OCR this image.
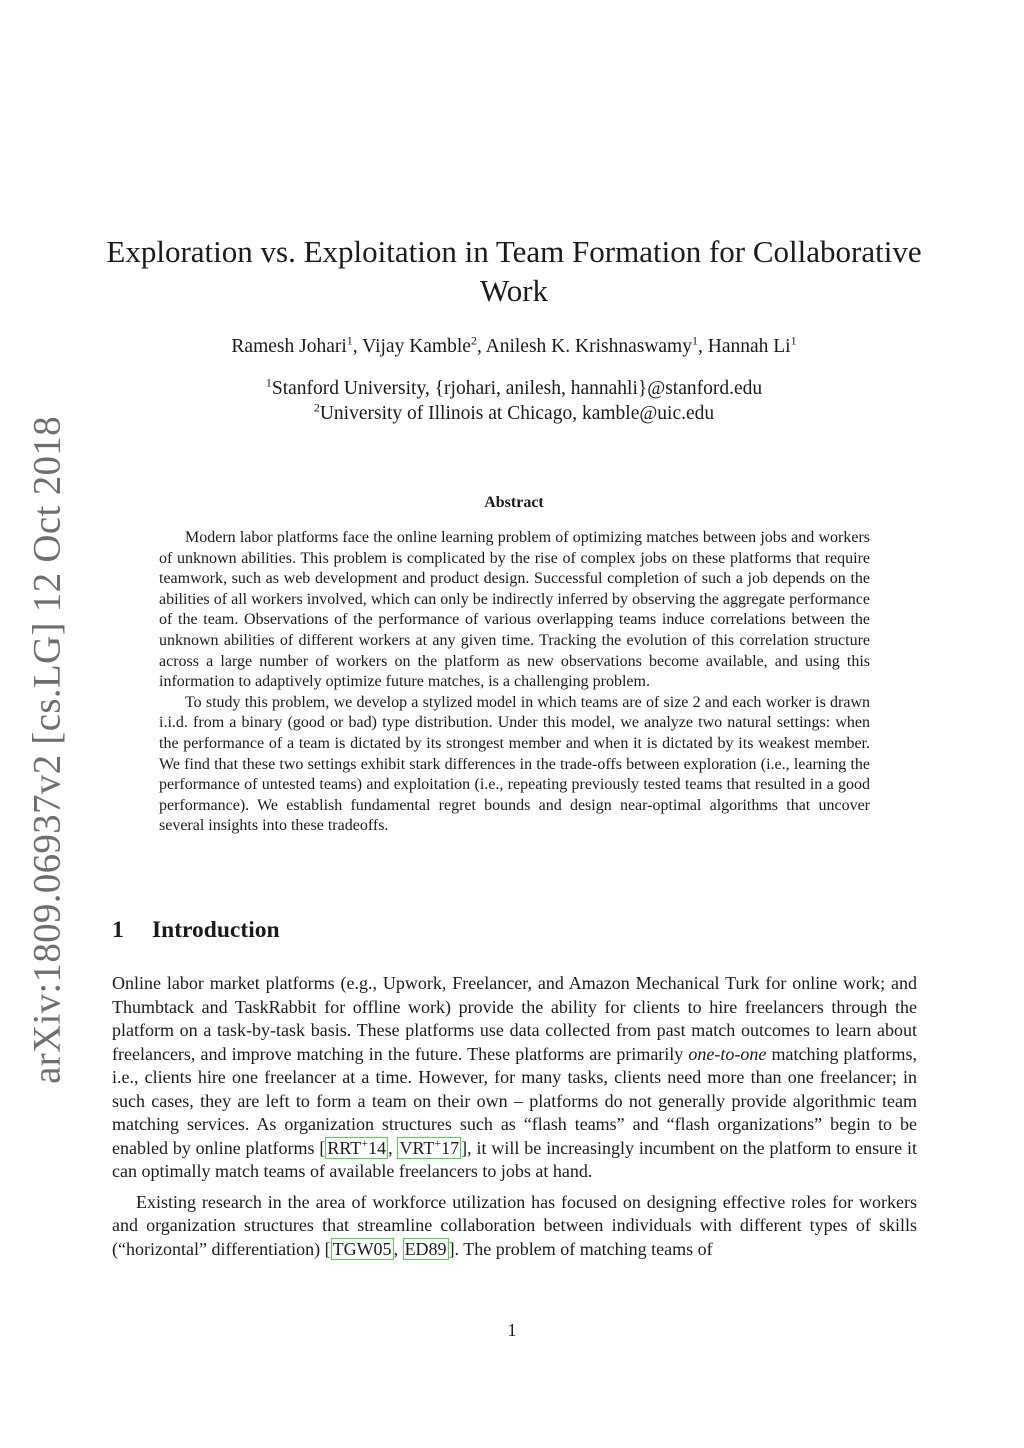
arXiv:1809.06937v2 [cs.LG] 12 Oct 2018
Exploration vs. Exploitation in Team Formation for Collaborative Work
Ramesh Johari$^1$, Vijay Kamble$^2$, Anilesh K. Krishnaswamy$^1$, Hannah Li$^1$
$^1$Stanford University, {rjohari, anilesh, hannahli}@stanford.edu
$^2$University of Illinois at Chicago, kamble@uic.edu
Abstract

Modern labor platforms face the online learning problem of optimizing matches between jobs and workers of unknown abilities. This problem is complicated by the rise of complex jobs on these platforms that require teamwork, such as web development and product design. Successful completion of such a job depends on the abilities of all workers involved, which can only be indirectly inferred by observing the aggregate performance of the team. Observations of the performance of various overlapping teams induce correlations between the unknown abilities of different workers at any given time. Tracking the evolution of this correlation structure across a large number of workers on the platform as new observations become available, and using this information to adaptively optimize future matches, is a challenging problem.

To study this problem, we develop a stylized model in which teams are of size 2 and each worker is drawn i.i.d. from a binary (good or bad) type distribution. Under this model, we analyze two natural settings: when the performance of a team is dictated by its strongest member and when it is dictated by its weakest member. We find that these two settings exhibit stark differences in the trade-offs between exploration (i.e., learning the performance of untested teams) and exploitation (i.e., repeating previously tested teams that resulted in a good performance). We establish fundamental regret bounds and design near-optimal algorithms that uncover several insights into these tradeoffs.

1 Introduction

Online labor market platforms (e.g., Upwork, Freelancer, and Amazon Mechanical Turk for online work; and Thumbtack and TaskRabbit for offline work) provide the ability for clients to hire freelancers through the platform on a task-by-task basis. These platforms use data collected from past match outcomes to learn about freelancers, and improve matching in the future. These platforms are primarily one-to-one matching platforms, i.e., clients hire one freelancer at a time. However, for many tasks, clients need more than one freelancer; in such cases, they are left to form a team on their own – platforms do not generally provide algorithmic team matching services. As organization structures such as “flash teams” and “flash organizations” begin to be enabled by online platforms [ RRT+14 , VRT+17 ], it will be increasingly incumbent on the platform to ensure it can optimally match teams of available freelancers to jobs at hand.

Existing research in the area of workforce utilization has focused on designing effective roles for workers and organization structures that streamline collaboration between individuals with different types of skills (“horizontal” differentiation) [ TGW05 , ED89 ]. The problem of matching teams of

1
